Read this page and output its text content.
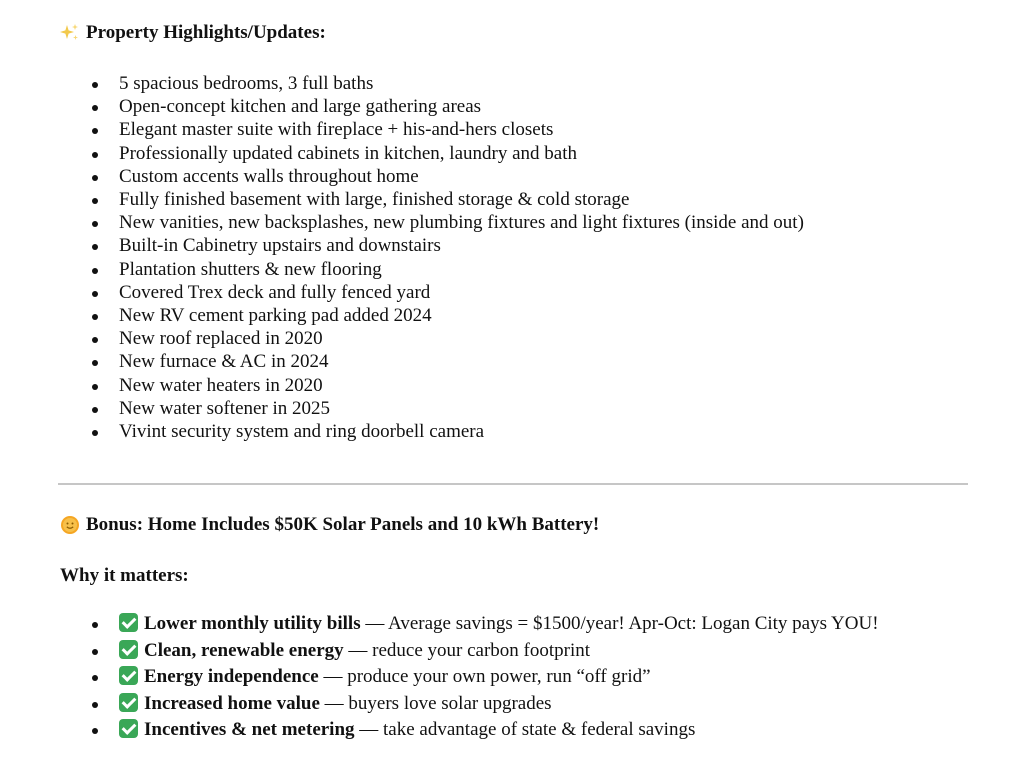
Property Highlights/Updates:
5 spacious bedrooms, 3 full baths
Open-concept kitchen and large gathering areas
Elegant master suite with fireplace + his-and-hers closets
Professionally updated cabinets in kitchen, laundry and bath
Custom accents walls throughout home
Fully finished basement with large, finished storage & cold storage
New vanities, new backsplashes, new plumbing fixtures and light fixtures (inside and out)
Built-in Cabinetry upstairs and downstairs
Plantation shutters & new flooring
Covered Trex deck and fully fenced yard
New RV cement parking pad added 2024
New roof replaced in 2020
New furnace & AC in 2024
New water heaters in 2020
New water softener in 2025
Vivint security system and ring doorbell camera
Bonus: Home Includes $50K Solar Panels and 10 kWh Battery!
Why it matters:
Lower monthly utility bills — Average savings = $1500/year! Apr-Oct: Logan City pays YOU!
Clean, renewable energy — reduce your carbon footprint
Energy independence — produce your own power, run “off grid”
Increased home value — buyers love solar upgrades
Incentives & net metering — take advantage of state & federal savings
